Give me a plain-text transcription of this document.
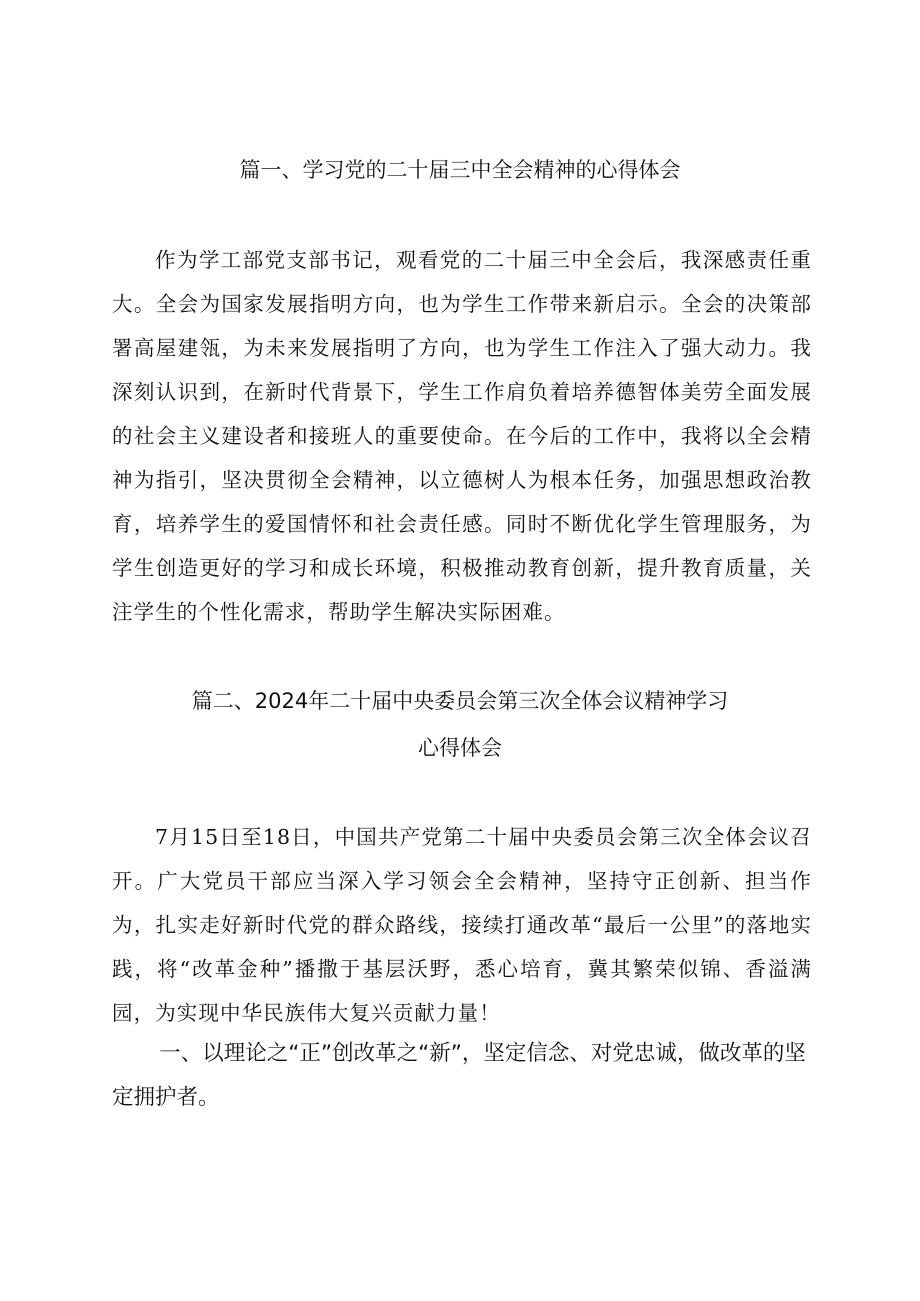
篇一、学习党的二十届三中全会精神的心得体会
作为学工部党支部书记，观看党的二十届三中全会后，我深感责任重大。全会为国家发展指明方向，也为学生工作带来新启示。全会的决策部署高屋建瓴，为未来发展指明了方向，也为学生工作注入了强大动力。我深刻认识到，在新时代背景下，学生工作肩负着培养德智体美劳全面发展的社会主义建设者和接班人的重要使命。在今后的工作中，我将以全会精神为指引，坚决贯彻全会精神，以立德树人为根本任务，加强思想政治教育，培养学生的爱国情怀和社会责任感。同时不断优化学生管理服务，为学生创造更好的学习和成长环境，积极推动教育创新，提升教育质量，关注学生的个性化需求，帮助学生解决实际困难。
篇二、2024年二十届中央委员会第三次全体会议精神学习
心得体会
7月15日至18日，中国共产党第二十届中央委员会第三次全体会议召开。广大党员干部应当深入学习领会全会精神，坚持守正创新、担当作为，扎实走好新时代党的群众路线，接续打通改革“最后一公里”的落地实践，将“改革金种”播撒于基层沃野，悉心培育，冀其繁荣似锦、香溢满园，为实现中华民族伟大复兴贡献力量！
一、以理论之“正”创改革之“新”，坚定信念、对党忠诚，做改革的坚定拥护者。
